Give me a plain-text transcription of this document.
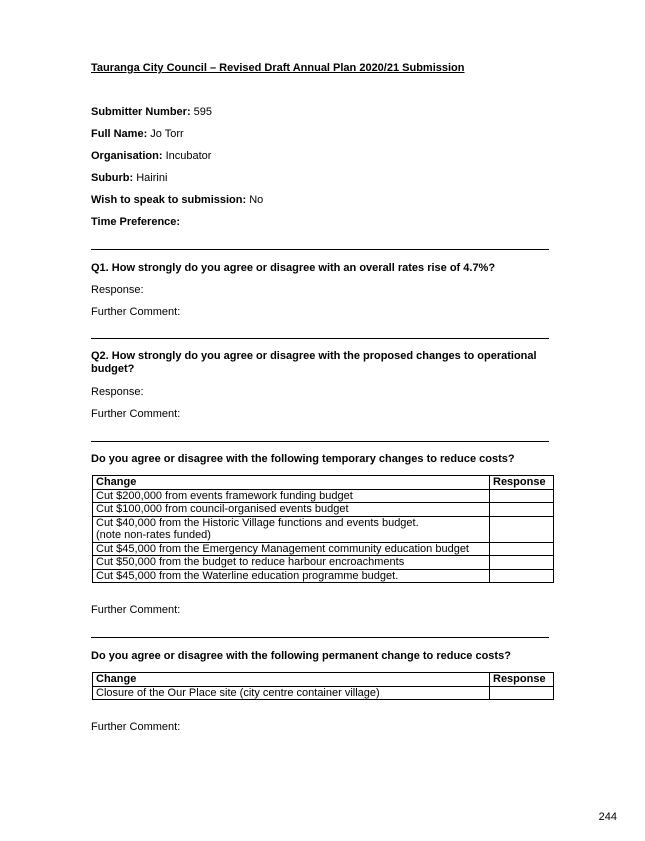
Tauranga City Council – Revised Draft Annual Plan 2020/21 Submission
Submitter Number: 595
Full Name: Jo Torr
Organisation: Incubator
Suburb: Hairini
Wish to speak to submission: No
Time Preference:
Q1. How strongly do you agree or disagree with an overall rates rise of 4.7%?
Response:
Further Comment:
Q2. How strongly do you agree or disagree with the proposed changes to operational budget?
Response:
Further Comment:
Do you agree or disagree with the following temporary changes to reduce costs?
Change	Response
Cut $200,000 from events framework funding budget	
Cut $100,000 from council-organised events budget	

Cut $40,000 from the Historic Village functions and events budget.
(note non-rates funded)	

Cut $45,000 from the Emergency Management community education budget	
Cut $50,000 from the budget to reduce harbour encroachments	
Cut $45,000 from the Waterline education programme budget.	
Further Comment:
Do you agree or disagree with the following permanent change to reduce costs?
Change	Response
Closure of the Our Place site (city centre container village)	
Further Comment:
244
